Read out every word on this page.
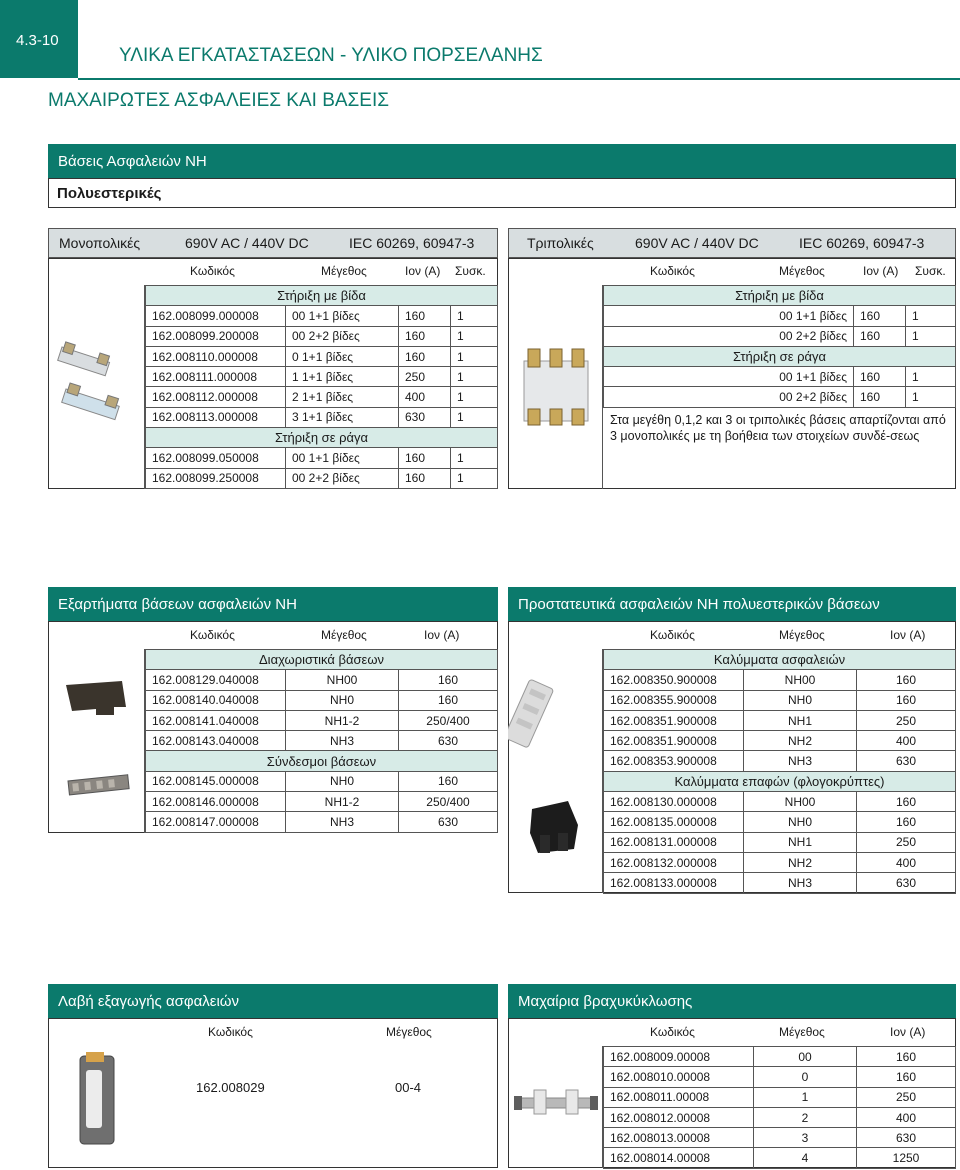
4.3-10
ΥΛΙΚΑ ΕΓΚΑΤΑΣΤΑΣΕΩΝ - ΥΛΙΚΟ ΠΟΡΣΕΛΑΝΗΣ
ΜΑΧΑΙΡΩΤΕΣ ΑΣΦΑΛΕΙΕΣ ΚΑΙ ΒΑΣΕΙΣ
Βάσεις Ασφαλειών ΝΗ
Πολυεστερικές
Μονοπολικές	690V AC / 440V DC	IEC 60269, 60947-3	Τριπολικές	690V AC / 440V DC	IEC 60269, 60947-3
Κωδικός	Μέγεθος	Ιον (Α) Συσκ.
Στήριξη με βίδα			
162.008099.000008	00 1+1 βίδες	160	1
162.008099.200008	00 2+2 βίδες	160	1
162.008110.000008	0 1+1 βίδες	160	1
162.008111.000008	1 1+1 βίδες	250	1
162.008112.000008	2 1+1 βίδες	400	1
162.008113.000008	3 1+1 βίδες	630	1
Στήριξη σε ράγα			
162.008099.050008	00 1+1 βίδες	160	1
162.008099.250008	00 2+2 βίδες	160	1
Κωδικός	Μέγεθος	Ιον (Α) Συσκ.
Στήριξη με βίδα		
00 1+1 βίδες	160	1
00 2+2 βίδες	160	1
Στήριξη σε ράγα		
00 1+1 βίδες	160	1
00 2+2 βίδες	160	1
Στα μεγέθη 0,1,2 και 3 οι τριπολικές βάσεις απαρτίζονται από 3 μονοπολικές με τη βοήθεια των στοιχείων συνδέ-σεως
Εξαρτήματα βάσεων ασφαλειών ΝΗ
Κωδικός	Μέγεθος	Ιον (Α)
Διαχωριστικά βάσεων		
162.008129.040008	NH00	160
162.008140.040008	NH0	160
162.008141.040008	NH1-2	250/400
162.008143.040008	NH3	630
Σύνδεσμοι βάσεων		
162.008145.000008	NH0	160
162.008146.000008	NH1-2	250/400
162.008147.000008	NH3	630
Προστατευτικά ασφαλειών ΝΗ πολυεστερικών βάσεων
Κωδικός	Μέγεθος	Ιον (Α)
Καλύμματα ασφαλειών		
162.008350.900008	NH00	160
162.008355.900008	NH0	160
162.008351.900008	NH1	250
162.008351.900008	NH2	400
162.008353.900008	NH3	630
Καλύμματα επαφών (φλογοκρύπτες)		
162.008130.000008	NH00	160
162.008135.000008	NH0	160
162.008131.000008	NH1	250
162.008132.000008	NH2	400
162.008133.000008	NH3	630
Λαβή εξαγωγής ασφαλειών
Κωδικός	Μέγεθος
162.008029	00-4
Μαχαίρια βραχυκύκλωσης
Κωδικός	Μέγεθος	Ιον (Α)
162.008009.00008	00	160
162.008010.00008	0	160
162.008011.00008	1	250
162.008012.00008	2	400
162.008013.00008	3	630
162.008014.00008	4	1250
